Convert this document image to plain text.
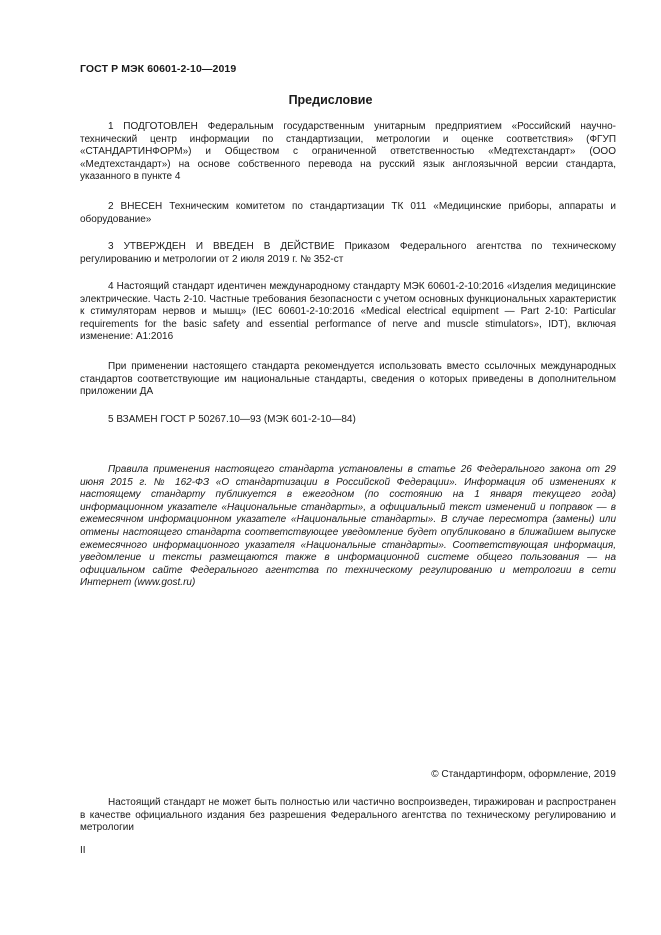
ГОСТ Р МЭК 60601-2-10—2019
Предисловие

1 ПОДГОТОВЛЕН Федеральным государственным унитарным предприятием «Российский научно-технический центр информации по стандартизации, метрологии и оценке соответствия» (ФГУП «СТАНДАРТИНФОРМ») и Обществом с ограниченной ответственностью «Медтехстандарт» (ООО «Медтехстандарт») на основе собственного перевода на русский язык англоязычной версии стандарта, указанного в пункте 4

2 ВНЕСЕН Техническим комитетом по стандартизации ТК 011 «Медицинские приборы, аппараты и оборудование»

3 УТВЕРЖДЕН И ВВЕДЕН В ДЕЙСТВИЕ Приказом Федерального агентства по техническому регулированию и метрологии от 2 июля 2019 г. № 352-ст

4 Настоящий стандарт идентичен международному стандарту МЭК 60601-2-10:2016 «Изделия медицинские электрические. Часть 2-10. Частные требования безопасности с учетом основных функциональных характеристик к стимуляторам нервов и мышц» (IEC 60601-2-10:2016 «Medical electrical equipment — Part 2-10: Particular requirements for the basic safety and essential performance of nerve and muscle stimulators», IDT), включая изменение: A1:2016

При применении настоящего стандарта рекомендуется использовать вместо ссылочных международных стандартов соответствующие им национальные стандарты, сведения о которых приведены в дополнительном приложении ДА

5 ВЗАМЕН ГОСТ Р 50267.10—93 (МЭК 601-2-10—84)

Правила применения настоящего стандарта установлены в статье 26 Федерального закона от 29 июня 2015 г. № 162-ФЗ «О стандартизации в Российской Федерации». Информация об изменениях к настоящему стандарту публикуется в ежегодном (по состоянию на 1 января текущего года) информационном указателе «Национальные стандарты», а официальный текст изменений и поправок — в ежемесячном информационном указателе «Национальные стандарты». В случае пересмотра (замены) или отмены настоящего стандарта соответствующее уведомление будет опубликовано в ближайшем выпуске ежемесячного информационного указателя «Национальные стандарты». Соответствующая информация, уведомление и тексты размещаются также в информационной системе общего пользования — на официальном сайте Федерального агентства по техническому регулированию и метрологии в сети Интернет (www.gost.ru)

© Стандартинформ, оформление, 2019

Настоящий стандарт не может быть полностью или частично воспроизведен, тиражирован и распространен в качестве официального издания без разрешения Федерального агентства по техническому регулированию и метрологии

II
